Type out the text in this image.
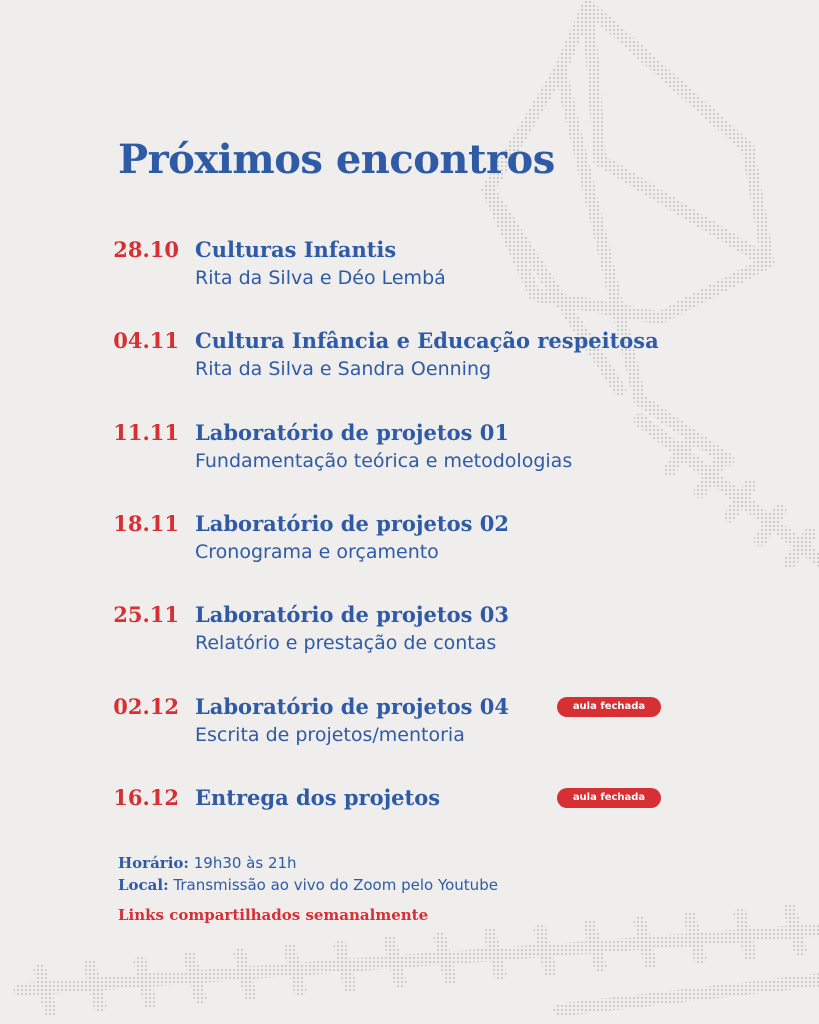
Próximos encontros
28.10 Culturas Infantis
Rita da Silva e Déo Lembá
04.11 Cultura Infância e Educação respeitosa
Rita da Silva e Sandra Oenning
11.11 Laboratório de projetos 01
Fundamentação teórica e metodologias
18.11 Laboratório de projetos 02
Cronograma e orçamento
25.11 Laboratório de projetos 03
Relatório e prestação de contas
02.12 Laboratório de projetos 04	aula fechada
Escrita de projetos/mentoria
16.12 Entrega dos projetos	aula fechada
Horário: 19h30 às 21h
Local: Transmissão ao vivo do Zoom pelo Youtube
Links compartilhados semanalmente
